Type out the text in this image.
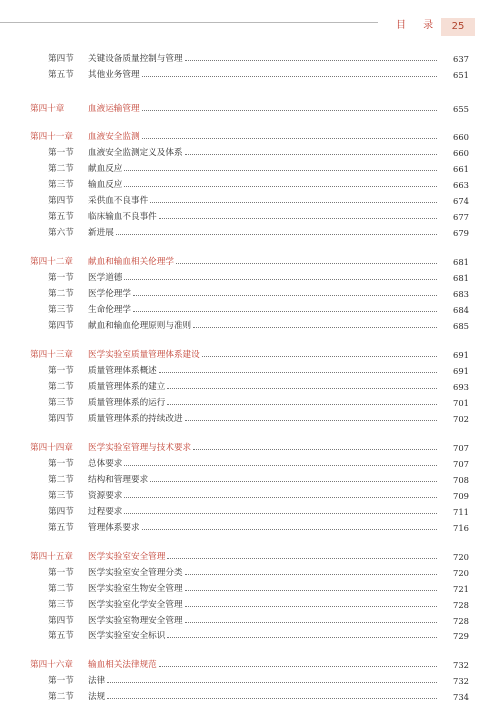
目 录	25
第四节	关键设备质量控制与管理	637
第五节	其他业务管理	651
第四十章	血液运输管理	655
第四十一章	血液安全监测	660
第一节	血液安全监测定义及体系	660
第二节	献血反应	661
第三节	输血反应	663
第四节	采供血不良事件	674
第五节	临床输血不良事件	677
第六节	新进展	679
第四十二章	献血和输血相关伦理学	681
第一节	医学道德	681
第二节	医学伦理学	683
第三节	生命伦理学	684
第四节	献血和输血伦理原则与准则	685
第四十三章	医学实验室质量管理体系建设	691
第一节	质量管理体系概述	691
第二节	质量管理体系的建立	693
第三节	质量管理体系的运行	701
第四节	质量管理体系的持续改进	702
第四十四章	医学实验室管理与技术要求	707
第一节	总体要求	707
第二节	结构和管理要求	708
第三节	资源要求	709
第四节	过程要求	711
第五节	管理体系要求	716
第四十五章	医学实验室安全管理	720
第一节	医学实验室安全管理分类	720
第二节	医学实验室生物安全管理	721
第三节	医学实验室化学安全管理	728
第四节	医学实验室物理安全管理	728
第五节	医学实验室安全标识	729
第四十六章	输血相关法律规范	732
第一节	法律	732
第二节	法规	734
